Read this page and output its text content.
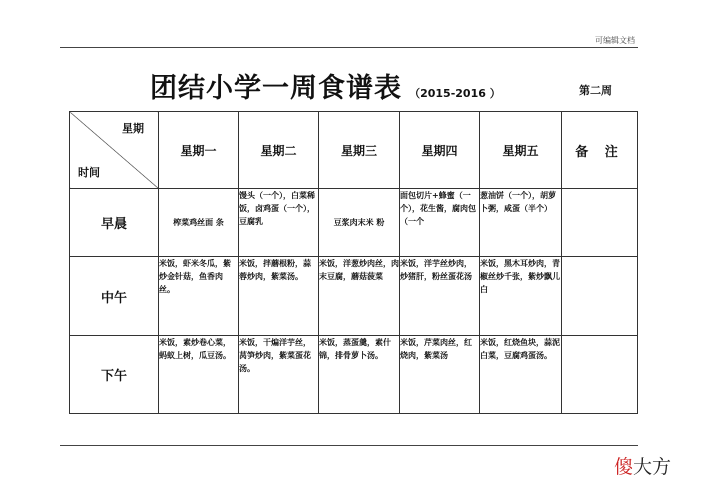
可编辑文档
团结小学一周食谱表 （2015-2016 ）	第二周
星期
时间	星期一	星期二	星期三	星期四	星期五	备 注
早晨	榨菜鸡丝面 条	馒头（一个），白菜稀饭，卤鸡蛋（一个），豆腐乳	豆浆肉末米 粉	面包切片+蜂蜜（一个），花生酱，腐肉包（一个	葱油饼（一个），胡萝卜粥，咸蛋（半个）	
中午	米饭，虾米冬瓜，紫炒金针菇，鱼香肉丝。	米饭，拌蘑根粉，蒜蓉炒肉，紫菜汤。	米饭，洋葱炒肉丝，肉末豆腐，蘑菇菠菜	米饭，洋芋丝炒肉，炒猪肝，粉丝蛋花汤	米饭，黑木耳炒肉，青椒丝炒千张，紫炒飘儿白	
下午	米饭，素炒卷心菜，蚂蚁上树，瓜豆汤。	米饭，干煸洋芋丝，莴笋炒肉，紫菜蛋花汤。	米饭，蒸蛋羹，素什锦，排骨萝卜汤。	米饭，芹菜肉丝，红烧肉，紫菜汤	米饭，红烧鱼块，蒜泥白菜，豆腐鸡蛋汤。	
傻大方
